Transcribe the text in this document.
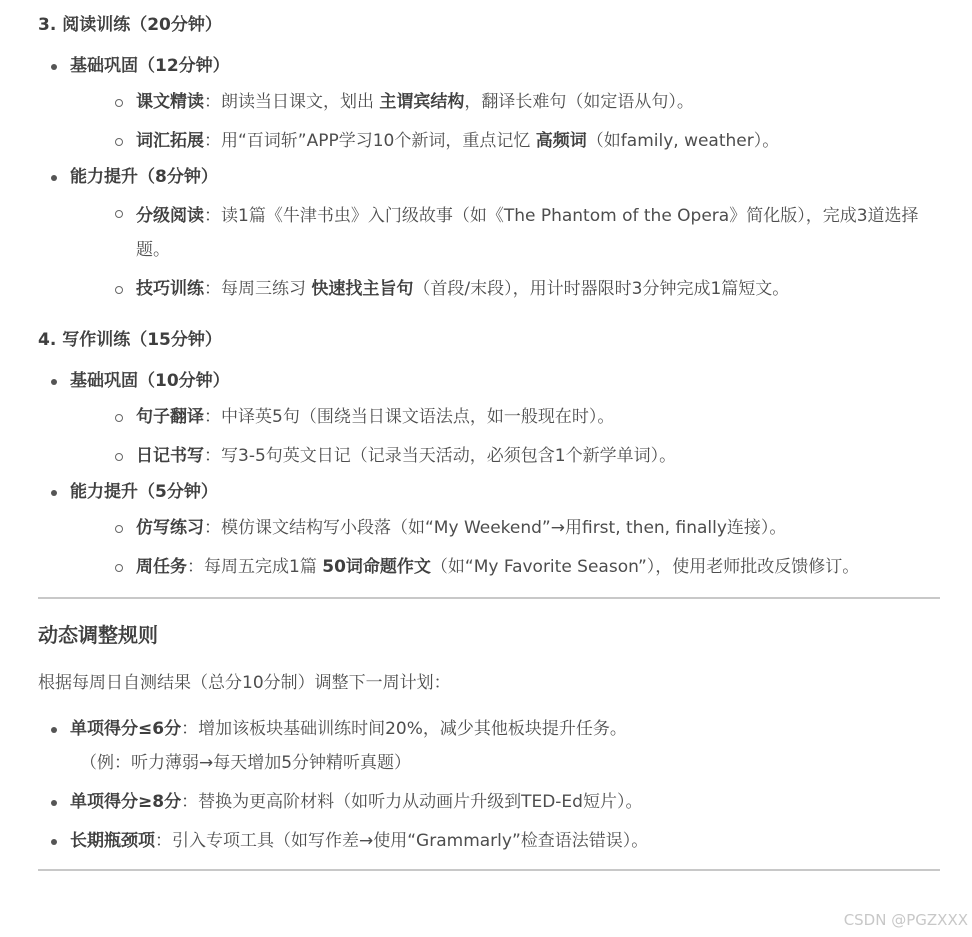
3. 阅读训练（20分钟）
基础巩固（12分钟）
课文精读：朗读当日课文，划出 主谓宾结构，翻译长难句（如定语从句）。
词汇拓展：用“百词斩”APP学习10个新词，重点记忆 高频词（如family, weather）。
能力提升（8分钟）
分级阅读：读1篇《牛津书虫》入门级故事（如《The Phantom of the Opera》简化版），完成3道选择题。
技巧训练：每周三练习 快速找主旨句（首段/末段），用计时器限时3分钟完成1篇短文。
4. 写作训练（15分钟）
基础巩固（10分钟）
句子翻译：中译英5句（围绕当日课文语法点，如一般现在时）。
日记书写：写3-5句英文日记（记录当天活动，必须包含1个新学单词）。
能力提升（5分钟）
仿写练习：模仿课文结构写小段落（如“My Weekend”→用first, then, finally连接）。
周任务：每周五完成1篇 50词命题作文（如“My Favorite Season”），使用老师批改反馈修订。
动态调整规则

根据每周日自测结果（总分10分制）调整下一周计划：

单项得分≤6分：增加该板块基础训练时间20%，减少其他板块提升任务。
（例：听力薄弱→每天增加5分钟精听真题）
单项得分≥8分：替换为更高阶材料（如听力从动画片升级到TED-Ed短片）。
长期瓶颈项：引入专项工具（如写作差→使用“Grammarly”检查语法错误）。
CSDN @PGZXXX
